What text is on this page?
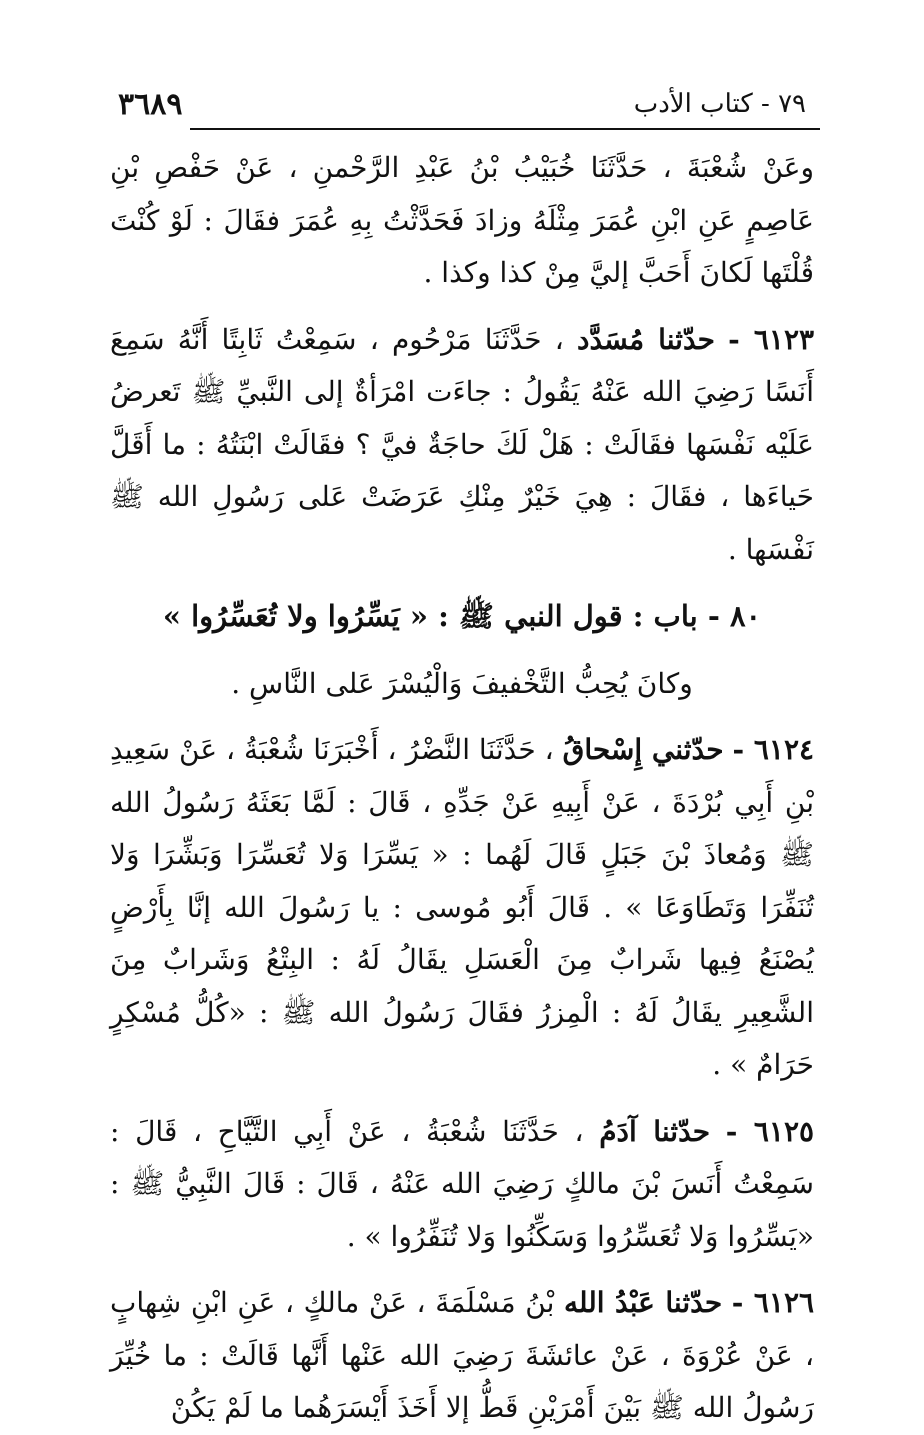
٧٩ - كتاب الأدب
٣٦٨٩

وعَنْ شُعْبَةَ ، حَدَّثَنَا خُبَيْبُ بْنُ عَبْدِ الرَّحْمنِ ، عَنْ حَفْصِ بْنِ عَاصِمٍ عَنِ ابْنِ عُمَرَ مِثْلَهُ وزادَ فَحَدَّثْتُ بِهِ عُمَرَ فقَالَ : لَوْ كُنْتَ قُلْتَها لَكانَ أَحَبَّ إليَّ مِنْ كذا وكذا .

٦١٢٣ - حدّثنا مُسَدَّد ، حَدَّثَنَا مَرْحُوم ، سَمِعْتُ ثَابِتًا أَنَّهُ سَمِعَ أَنَسًا رَضِيَ الله عَنْهُ يَقُولُ : جاءَت امْرَأةٌ إلى النَّبيِّ ﷺ تَعرضُ عَلَيْه نَفْسَها فقَالَتْ : هَلْ لَكَ حاجَةٌ فيَّ ؟ فقَالَتْ ابْنَتُهُ : ما أَقَلَّ حَياءَها ، فقَالَ : هِيَ خَيْرٌ مِنْكِ عَرَضَتْ عَلى رَسُولِ الله ﷺ نَفْسَها .

٨٠ - باب : قول النبي ﷺ : « يَسِّرُوا ولا تُعَسِّرُوا »

وكانَ يُحِبُّ التَّخْفيفَ وَالْيُسْرَ عَلى النَّاسِ .

٦١٢٤ - حدّثني إِسْحاقُ ، حَدَّثَنَا النَّضْرُ ، أَخْبَرَنَا شُعْبَةُ ، عَنْ سَعِيدِ بْنِ أَبِي بُرْدَةَ ، عَنْ أَبِيهِ عَنْ جَدِّهِ ، قَالَ : لَمَّا بَعَثَهُ رَسُولُ الله ﷺ وَمُعاذَ بْنَ جَبَلٍ قَالَ لَهُما : « يَسِّرَا وَلا تُعَسِّرَا وَبَشِّرَا وَلا تُنَفِّرَا وَتَطَاوَعَا » . قَالَ أَبُو مُوسى : يا رَسُولَ الله إنَّا بِأَرْضٍ يُصْنَعُ فِيها شَرابٌ مِنَ الْعَسَلِ يقَالُ لَهُ : البِتْعُ وَشَرابٌ مِنَ الشَّعِيرِ يقَالُ لَهُ : الْمِزرُ فقَالَ رَسُولُ الله ﷺ : «كُلُّ مُسْكِرٍ حَرَامٌ » .

٦١٢٥ - حدّثنا آدَمُ ، حَدَّثَنَا شُعْبَةُ ، عَنْ أَبِي التَّيَّاحِ ، قَالَ : سَمِعْتُ أَنَسَ بْنَ مالكٍ رَضِيَ الله عَنْهُ ، قَالَ : قَالَ النَّبِيُّ ﷺ : «يَسِّرُوا وَلا تُعَسِّرُوا وَسَكِّنُوا وَلا تُنَفِّرُوا » .

٦١٢٦ - حدّثنا عَبْدُ الله بْنُ مَسْلَمَةَ ، عَنْ مالكٍ ، عَنِ ابْنِ شِهابٍ ، عَنْ عُرْوَةَ ، عَنْ عائشَةَ رَضِيَ الله عَنْها أَنَّها قَالَتْ : ما خُيِّرَ رَسُولُ الله ﷺ بَيْنَ أَمْرَيْنِ قَطُّ إلا أَخَذَ أَيْسَرَهُما ما لَمْ يَكُنْ
